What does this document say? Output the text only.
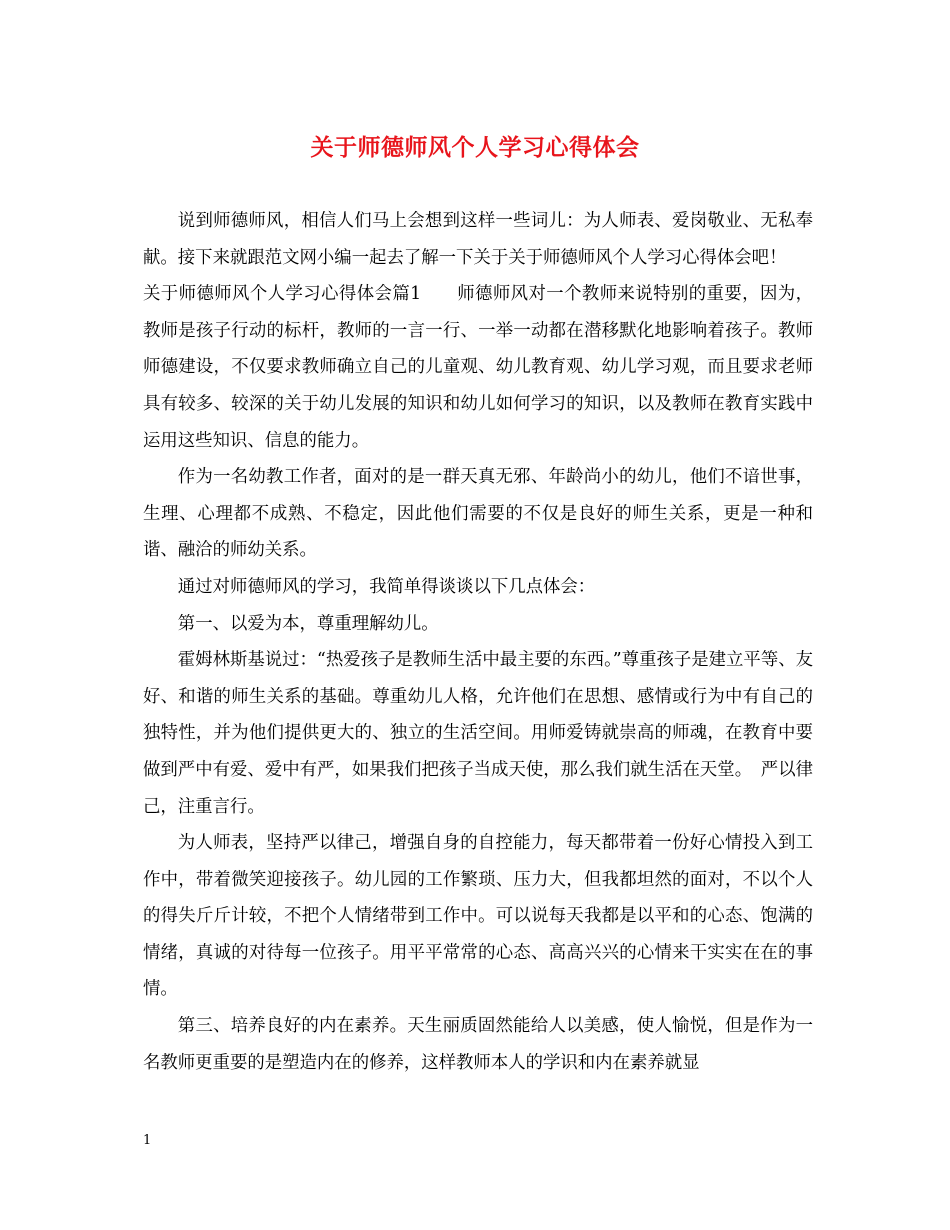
关于师德师风个人学习心得体会

说到师德师风，相信人们马上会想到这样一些词儿：为人师表、爱岗敬业、无私奉献。接下来就跟范文网小编一起去了解一下关于关于师德师风个人学习心得体会吧！

关于师德师风个人学习心得体会篇1　　师德师风对一个教师来说特别的重要，因为，教师是孩子行动的标杆，教师的一言一行、一举一动都在潜移默化地影响着孩子。教师师德建设，不仅要求教师确立自己的儿童观、幼儿教育观、幼儿学习观，而且要求老师具有较多、较深的关于幼儿发展的知识和幼儿如何学习的知识，以及教师在教育实践中运用这些知识、信息的能力。

作为一名幼教工作者，面对的是一群天真无邪、年龄尚小的幼儿，他们不谙世事，生理、心理都不成熟、不稳定，因此他们需要的不仅是良好的师生关系，更是一种和谐、融洽的师幼关系。

通过对师德师风的学习，我简单得谈谈以下几点体会：

第一、以爱为本，尊重理解幼儿。

霍姆林斯基说过：“热爱孩子是教师生活中最主要的东西。”尊重孩子是建立平等、友好、和谐的师生关系的基础。尊重幼儿人格，允许他们在思想、感情或行为中有自己的独特性，并为他们提供更大的、独立的生活空间。用师爱铸就崇高的师魂，在教育中要做到严中有爱、爱中有严，如果我们把孩子当成天使，那么我们就生活在天堂。　严以律己，注重言行。

为人师表，坚持严以律己，增强自身的自控能力，每天都带着一份好心情投入到工作中，带着微笑迎接孩子。幼儿园的工作繁琐、压力大，但我都坦然的面对，不以个人的得失斤斤计较，不把个人情绪带到工作中。可以说每天我都是以平和的心态、饱满的情绪，真诚的对待每一位孩子。用平平常常的心态、高高兴兴的心情来干实实在在的事情。

第三、培养良好的内在素养。天生丽质固然能给人以美感，使人愉悦，但是作为一名教师更重要的是塑造内在的修养，这样教师本人的学识和内在素养就显

1
